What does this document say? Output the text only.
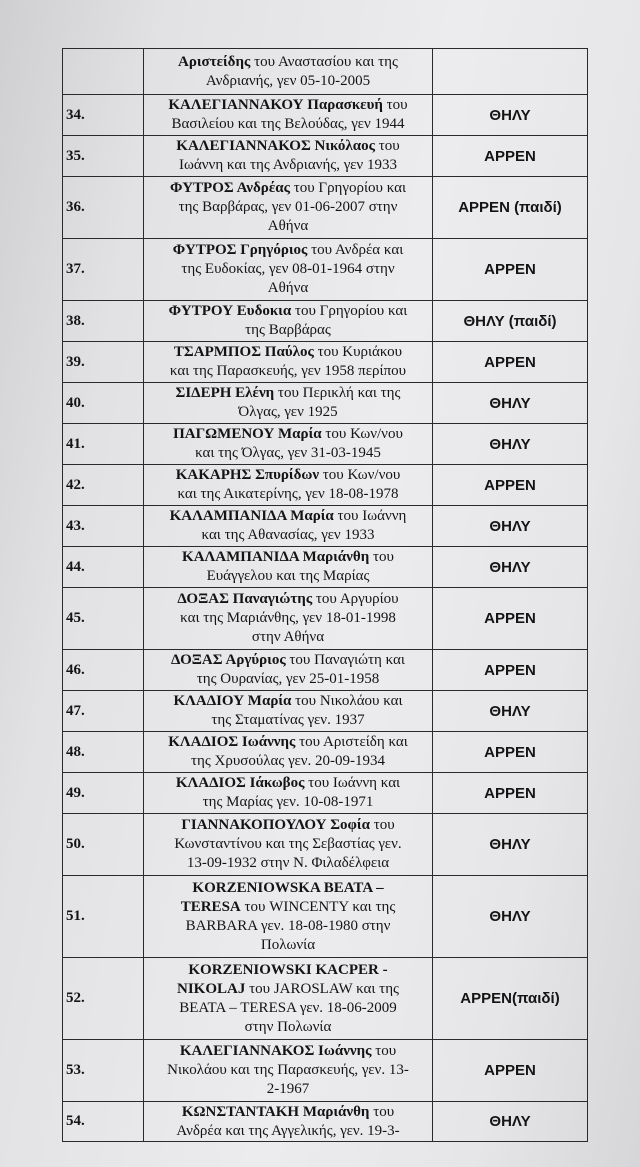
	Αριστείδης του Αναστασίου και της
Ανδριανής, γεν 05-10-2005	

34.	ΚΑΛΕΓΙΑΝΝΑΚΟΥ Παρασκευή του
Βασιλείου και της Βελούδας, γεν 1944	ΘΗΛΥ
35.	ΚΑΛΕΓΙΑΝΝΑΚΟΣ Νικόλαος του
Ιωάννη και της Ανδριανής, γεν 1933	ΑΡΡΕΝ
36.	ΦΥΤΡΟΣ Ανδρέας του Γρηγορίου και
της Βαρβάρας, γεν 01-06-2007 στην
Αθήνα	ΑΡΡΕΝ (παιδί)
37.	ΦΥΤΡΟΣ Γρηγόριος του Ανδρέα και
της Ευδοκίας, γεν 08-01-1964 στην
Αθήνα	ΑΡΡΕΝ
38.	ΦΥΤΡΟΥ Ευδοκια του Γρηγορίου και
της Βαρβάρας	ΘΗΛΥ (παιδί)
39.	ΤΣΑΡΜΠΟΣ Παύλος του Κυριάκου
και της Παρασκευής, γεν 1958 περίπου	ΑΡΡΕΝ
40.	ΣΙΔΕΡΗ Ελένη του Περικλή και της
Όλγας, γεν 1925	ΘΗΛΥ
41.	ΠΑΓΩΜΕΝΟΥ Μαρία του Κων/νου
και της Όλγας, γεν 31-03-1945	ΘΗΛΥ
42.	ΚΑΚΑΡΗΣ Σπυρίδων του Κων/νου
και της Αικατερίνης, γεν 18-08-1978	ΑΡΡΕΝ
43.	ΚΑΛΑΜΠΑΝΙΔΑ Μαρία του Ιωάννη
και της Αθανασίας, γεν 1933	ΘΗΛΥ
44.	ΚΑΛΑΜΠΑΝΙΔΑ Μαριάνθη του
Ευάγγελου και της Μαρίας	ΘΗΛΥ
45.	ΔΟΞΑΣ Παναγιώτης του Αργυρίου
και της Μαριάνθης, γεν 18-01-1998
στην Αθήνα	ΑΡΡΕΝ
46.	ΔΟΞΑΣ Αργύριος του Παναγιώτη και
της Ουρανίας, γεν 25-01-1958	ΑΡΡΕΝ
47.	ΚΛΑΔΙΟΥ Μαρία του Νικολάου και
της Σταματίνας γεν. 1937	ΘΗΛΥ
48.	ΚΛΑΔΙΟΣ Ιωάννης του Αριστείδη και
της Χρυσούλας γεν. 20-09-1934	ΑΡΡΕΝ
49.	ΚΛΑΔΙΟΣ Ιάκωβος του Ιωάννη και
της Μαρίας γεν. 10-08-1971	ΑΡΡΕΝ
50.	ΓΙΑΝΝΑΚΟΠΟΥΛΟΥ Σοφία του
Κωνσταντίνου και της Σεβαστίας γεν.
13-09-1932 στην Ν. Φιλαδέλφεια	ΘΗΛΥ
51.	KORZENIOWSKA BEATA –
TERESA του WINCENTY και της
BARBARA γεν. 18-08-1980 στην
Πολωνία	ΘΗΛΥ
52.	KORZENIOWSKI KACPER -
NIKOLAJ του JAROSLAW και της
BEATA – TERESA γεν. 18-06-2009
στην Πολωνία	ΑΡΡΕΝ(παιδί)
53.	ΚΑΛΕΓΙΑΝΝΑΚΟΣ Ιωάννης του
Νικολάου και της Παρασκευής, γεν. 13-
2-1967	ΑΡΡΕΝ
54.	ΚΩΝΣΤΑΝΤΑΚΗ Μαριάνθη του
Ανδρέα και της Αγγελικής, γεν. 19-3-	ΘΗΛΥ
